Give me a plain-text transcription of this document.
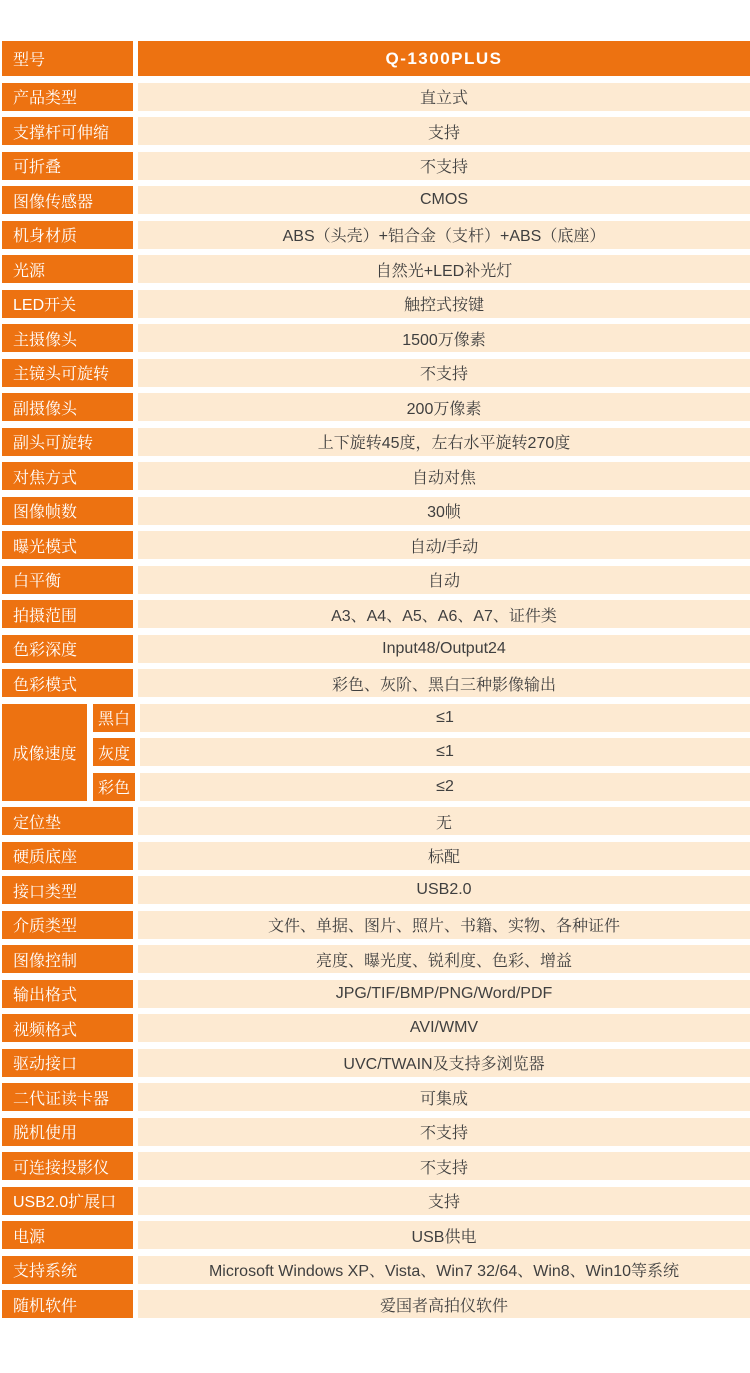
型号	Q-1300PLUS
产品类型	直立式
支撑杆可伸缩	支持
可折叠	不支持
图像传感器	CMOS
机身材质	ABS（头壳）+铝合金（支杆）+ABS（底座）
光源	自然光+LED补光灯
LED开关	触控式按键
主摄像头	1500万像素
主镜头可旋转	不支持
副摄像头	200万像素
副头可旋转	上下旋转45度，左右水平旋转270度
对焦方式	自动对焦
图像帧数	30帧
曝光模式	自动/手动
白平衡	自动
拍摄范围	A3、A4、A5、A6、A7、证件类
色彩深度	Input48/Output24
色彩模式	彩色、灰阶、黑白三种影像输出
成像速度
黑白	≤1
灰度	≤1
彩色	≤2
定位垫	无
硬质底座	标配
接口类型	USB2.0
介质类型	文件、单据、图片、照片、书籍、实物、各种证件
图像控制	亮度、曝光度、锐利度、色彩、增益
输出格式	JPG/TIF/BMP/PNG/Word/PDF
视频格式	AVI/WMV
驱动接口	UVC/TWAIN及支持多浏览器
二代证读卡器	可集成
脱机使用	不支持
可连接投影仪	不支持
USB2.0扩展口	支持
电源	USB供电
支持系统	Microsoft Windows XP、Vista、Win7 32/64、Win8、Win10等系统
随机软件	爱国者高拍仪软件
